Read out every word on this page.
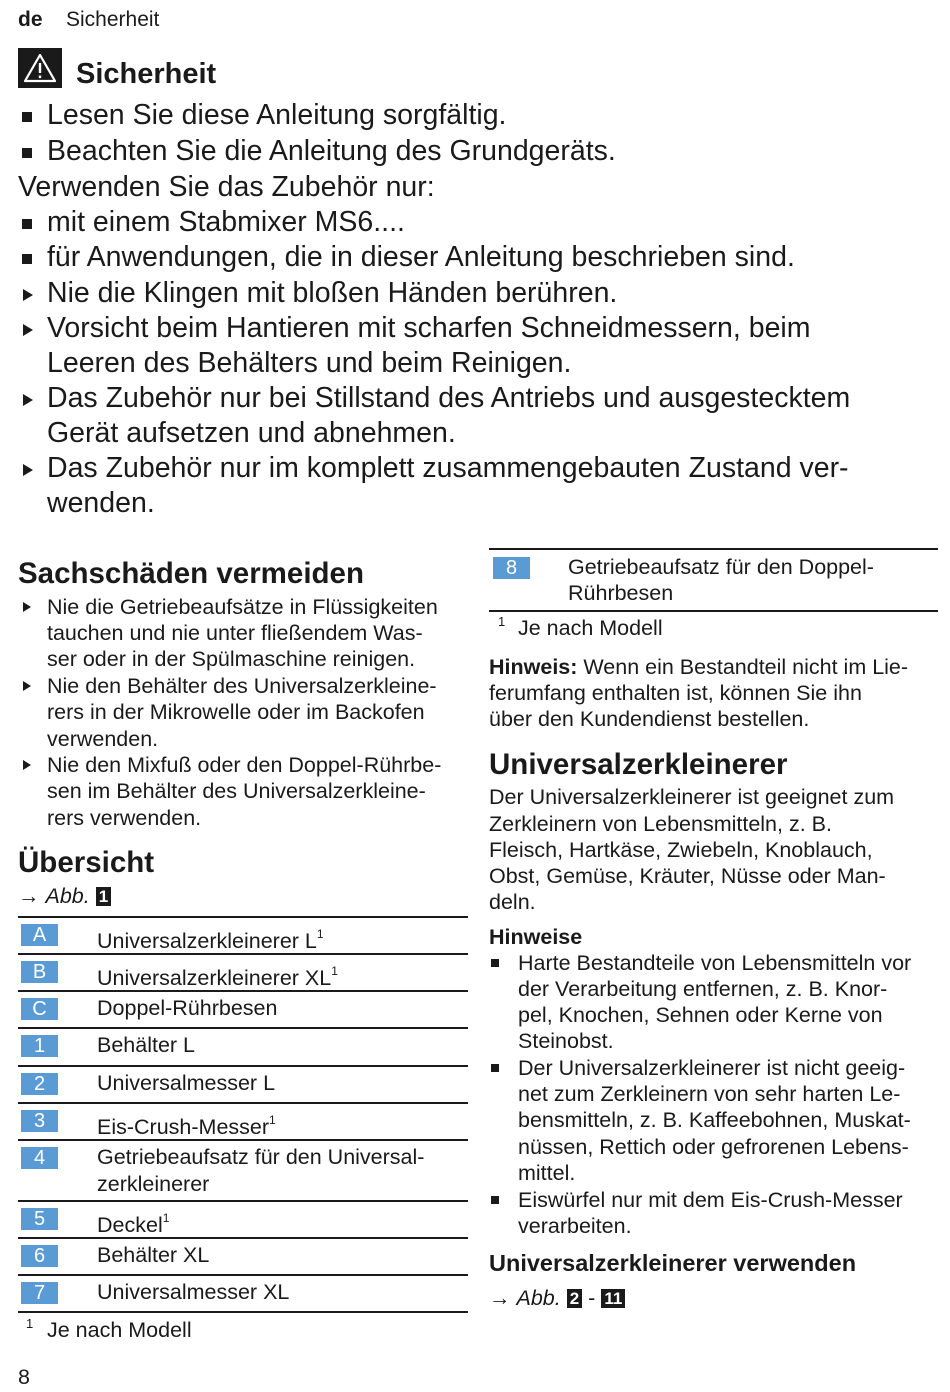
de Sicherheit
Sicherheit
Lesen Sie diese Anleitung sorgfältig.
Beachten Sie die Anleitung des Grundgeräts.
Verwenden Sie das Zubehör nur:
mit einem Stabmixer MS6....
für Anwendungen, die in dieser Anleitung beschrieben sind.
Nie die Klingen mit bloßen Händen berühren.
Vorsicht beim Hantieren mit scharfen Schneidmessern, beim
Leeren des Behälters und beim Reinigen.
Das Zubehör nur bei Stillstand des Antriebs und ausgestecktem
Gerät aufsetzen und abnehmen.
Das Zubehör nur im komplett zusammengebauten Zustand ver-
wenden.
Sachschäden vermeiden
Nie die Getriebeaufsätze in Flüssigkeiten
tauchen und nie unter fließendem Was-
ser oder in der Spülmaschine reinigen.
Nie den Behälter des Universalzerkleine-
rers in der Mikrowelle oder im Backofen
verwenden.
Nie den Mixfuß oder den Doppel-Rührbe-
sen im Behälter des Universalzerkleine-
rers verwenden.
Übersicht
→ Abb. 1
A	Universalzerkleinerer $L^1$
B	Universalzerkleinerer $XL^1$
C	Doppel-Rührbesen
1	Behälter L
2	Universalmesser L
3	Eis-Crush-Messer$^1$
4	Getriebeaufsatz für den Universal-
zerkleinerer
5	Deckel$^1$
6	Behälter XL
7	Universalmesser XL
1 Je nach Modell
8
8	Getriebeaufsatz für den Doppel-
Rührbesen
1 Je nach Modell
Hinweis: Wenn ein Bestandteil nicht im Lie-
ferumfang enthalten ist, können Sie ihn
über den Kundendienst bestellen.
Universalzerkleinerer
Der Universalzerkleinerer ist geeignet zum
Zerkleinern von Lebensmitteln, z. B.
Fleisch, Hartkäse, Zwiebeln, Knoblauch,
Obst, Gemüse, Kräuter, Nüsse oder Man-
deln.
Hinweise
Harte Bestandteile von Lebensmitteln vor
der Verarbeitung entfernen, z. B. Knor-
pel, Knochen, Sehnen oder Kerne von
Steinobst.
Der Universalzerkleinerer ist nicht geeig-
net zum Zerkleinern von sehr harten Le-
bensmitteln, z. B. Kaffeebohnen, Muskat-
nüssen, Rettich oder gefrorenen Lebens-
mittel.
Eiswürfel nur mit dem Eis-Crush-Messer
verarbeiten.
Universalzerkleinerer verwenden
→ Abb. 2 - 11
